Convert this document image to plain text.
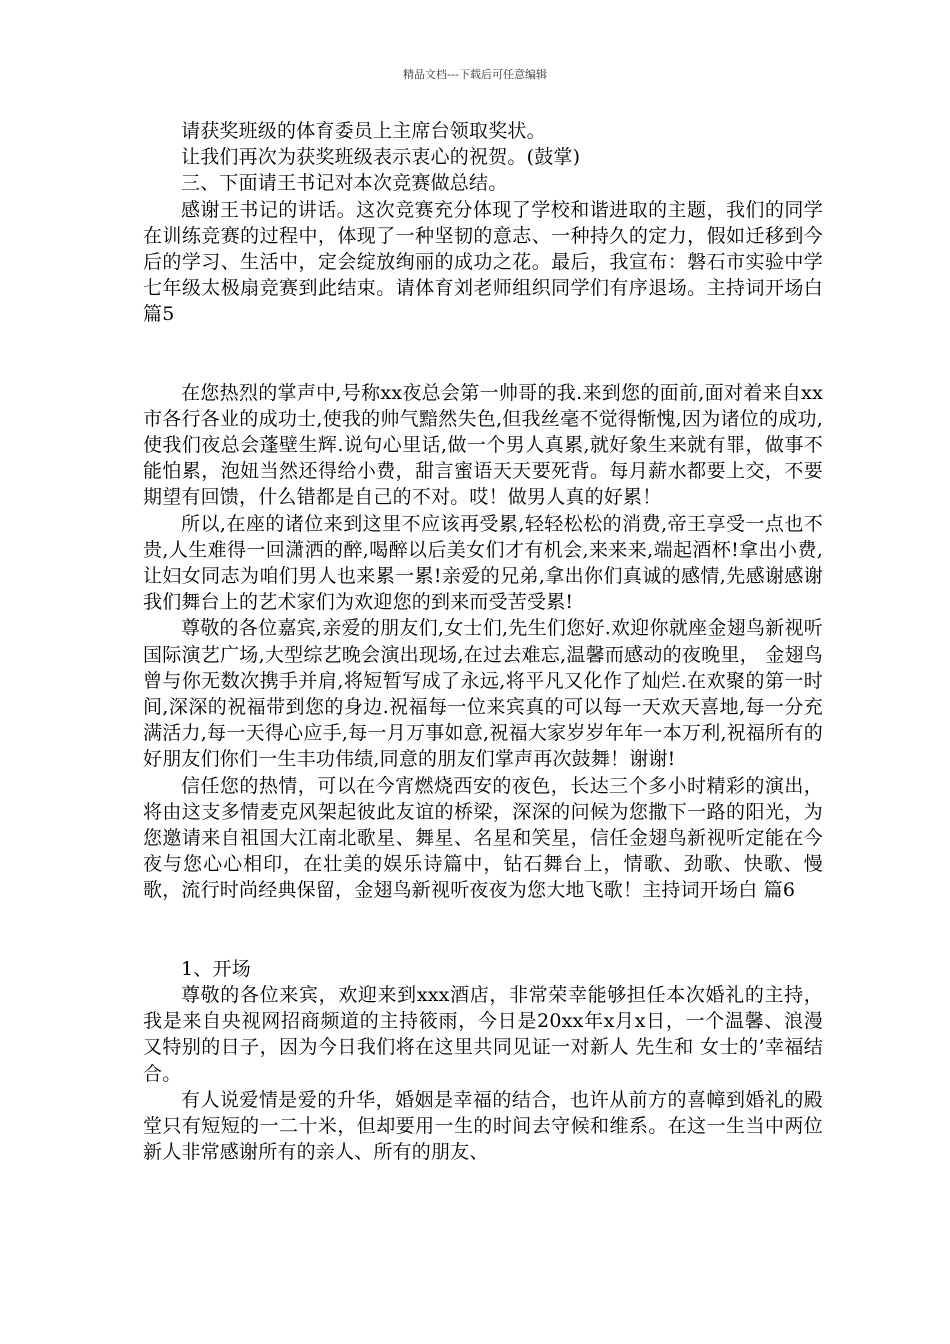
精品文档---下载后可任意编辑

请获奖班级的体育委员上主席台领取奖状。

让我们再次为获奖班级表示衷心的祝贺。(鼓掌)

三、下面请王书记对本次竞赛做总结。

感谢王书记的讲话。这次竞赛充分体现了学校和谐进取的主题，我们的同学在训练竞赛的过程中，体现了一种坚韧的意志、一种持久的定力，假如迁移到今后的学习、生活中，定会绽放绚丽的成功之花。最后，我宣布：磐石市实验中学七年级太极扇竞赛到此结束。请体育刘老师组织同学们有序退场。主持词开场白 篇5

在您热烈的掌声中,号称xx夜总会第一帅哥的我.来到您的面前,面对着来自xx市各行各业的成功士,使我的帅气黯然失色,但我丝毫不觉得惭愧,因为诸位的成功,使我们夜总会蓬壁生辉.说句心里话,做一个男人真累,就好象生来就有罪，做事不能怕累，泡妞当然还得给小费，甜言蜜语天天要死背。每月薪水都要上交，不要期望有回馈，什么错都是自己的不对。哎！做男人真的好累！

所以,在座的诸位来到这里不应该再受累,轻轻松松的消费,帝王享受一点也不贵,人生难得一回潇洒的醉,喝醉以后美女们才有机会,来来来,端起酒杯!拿出小费,让妇女同志为咱们男人也来累一累!亲爱的兄弟,拿出你们真诚的感情,先感谢感谢我们舞台上的艺术家们为欢迎您的到来而受苦受累!

尊敬的各位嘉宾,亲爱的朋友们,女士们,先生们您好.欢迎你就座金翅鸟新视听国际演艺广场,大型综艺晚会演出现场,在过去难忘,温馨而感动的夜晚里， 金翅鸟曾与你无数次携手并肩,将短暂写成了永远,将平凡又化作了灿烂.在欢聚的第一时间,深深的祝福带到您的身边.祝福每一位来宾真的可以每一天欢天喜地,每一分充满活力,每一天得心应手,每一月万事如意,祝福大家岁岁年年一本万利,祝福所有的好朋友们你们一生丰功伟绩,同意的朋友们掌声再次鼓舞！谢谢!

信任您的热情，可以在今宵燃烧西安的夜色，长达三个多小时精彩的演出，将由这支多情麦克风架起彼此友谊的桥梁，深深的问候为您撒下一路的阳光，为您邀请来自祖国大江南北歌星、舞星、名星和笑星，信任金翅鸟新视听定能在今夜与您心心相印，在壮美的娱乐诗篇中，钻石舞台上，情歌、劲歌、快歌、慢歌，流行时尚经典保留，金翅鸟新视听夜夜为您大地飞歌！主持词开场白 篇6

1、开场

尊敬的各位来宾，欢迎来到xxx酒店，非常荣幸能够担任本次婚礼的主持，我是来自央视网招商频道的主持筱雨，今日是20xx年x月x日，一个温馨、浪漫又特别的日子，因为今日我们将在这里共同见证一对新人 先生和 女士的’幸福结合。

有人说爱情是爱的升华，婚姻是幸福的结合，也许从前方的喜幛到婚礼的殿堂只有短短的一二十米，但却要用一生的时间去守候和维系。在这一生当中两位新人非常感谢所有的亲人、所有的朋友、
